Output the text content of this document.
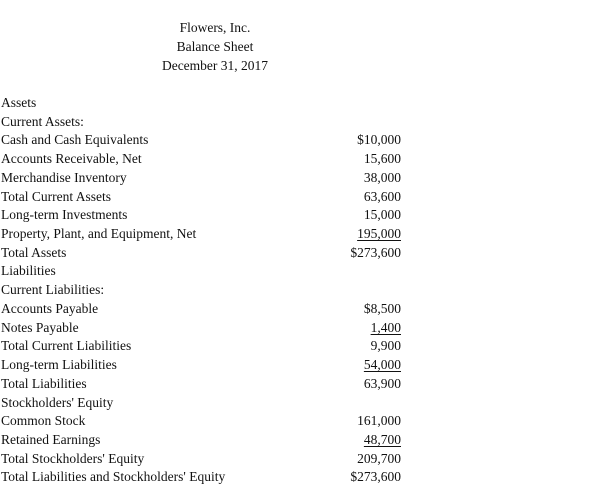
Flowers, Inc.
Balance Sheet
December 31, 2017
Assets
Current Assets:
Cash and Cash Equivalents	$10,000
Accounts Receivable, Net	15,600
Merchandise Inventory	38,000
Total Current Assets	63,600
Long-term Investments	15,000
Property, Plant, and Equipment, Net	195,000
Total Assets	$273,600
Liabilities
Current Liabilities:
Accounts Payable	$8,500
Notes Payable	1,400
Total Current Liabilities	9,900
Long-term Liabilities	54,000
Total Liabilities	63,900
Stockholders' Equity
Common Stock	161,000
Retained Earnings	48,700
Total Stockholders' Equity	209,700
Total Liabilities and Stockholders' Equity	$273,600
